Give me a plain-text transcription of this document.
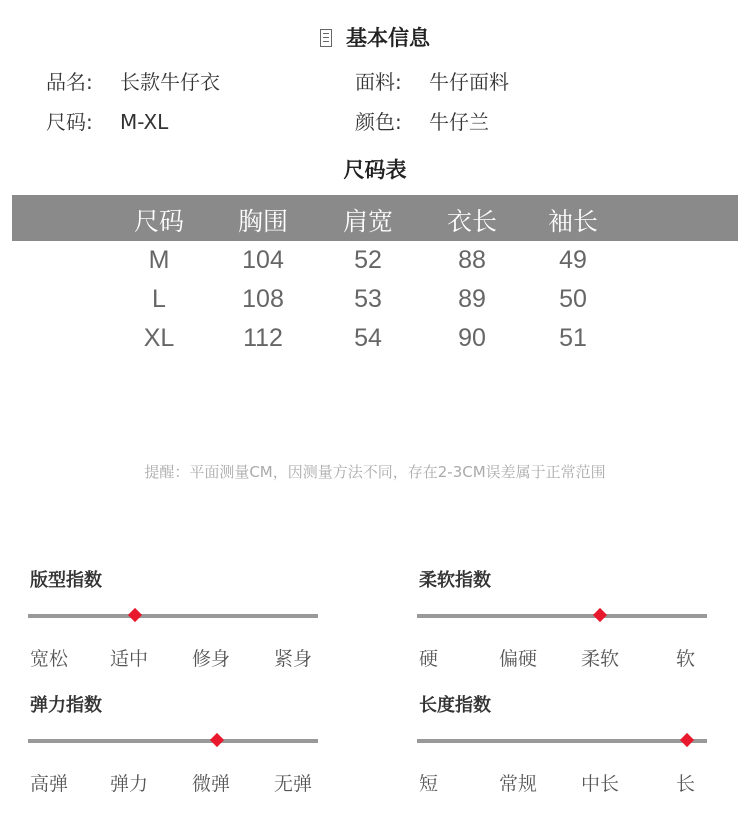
基本信息
品名: 长款牛仔衣	面料: 牛仔面料
尺码: M-XL	颜色: 牛仔兰
尺码表
尺码	胸围	肩宽	衣长	袖长
M	104	52	88	49
L	108	53	89	50
XL	112	54	90	51
提醒：平面测量CM，因测量方法不同，存在2-3CM误差属于正常范围
版型指数
宽松 适中 修身 紧身
柔软指数
硬	偏硬 柔软	软
弹力指数
高弹 弹力 微弹 无弹
长度指数
短	常规 中长	长
